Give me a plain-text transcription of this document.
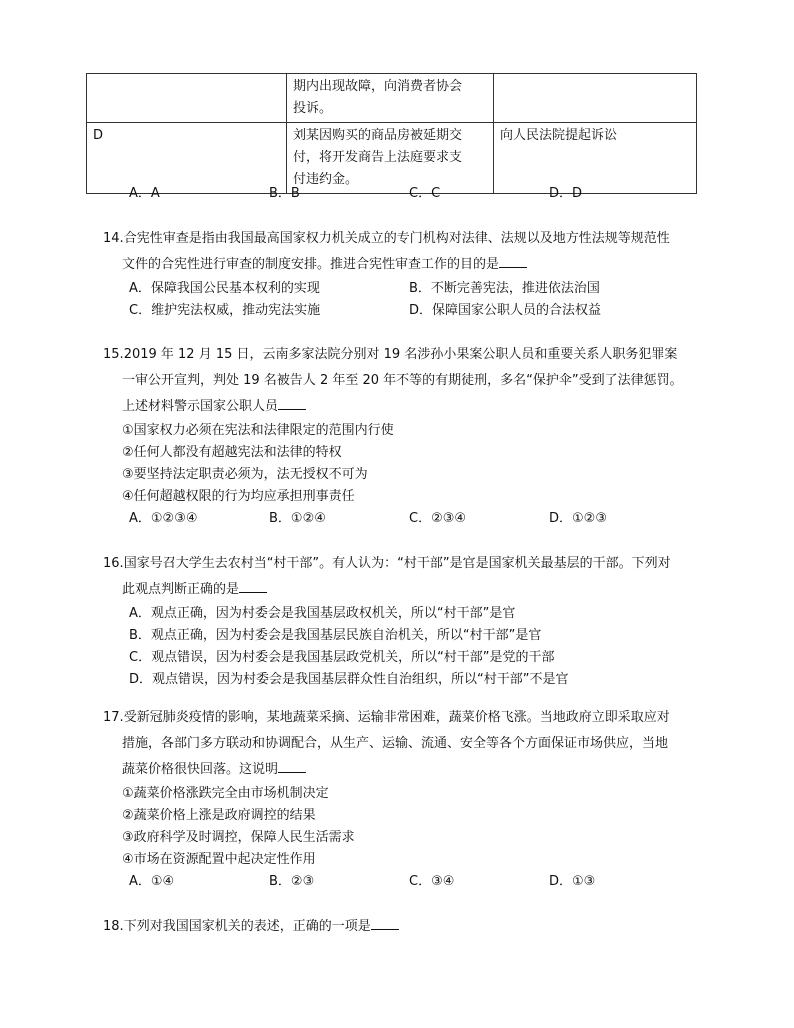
	期内出现故障，向消费者协会
投诉。	

D	刘某因购买的商品房被延期交
付，将开发商告上法庭要求支
付违约金。	向人民法院提起诉讼
A．A	B．B	C．C	D．D
14.合宪性审查是指由我国最高国家权力机关成立的专门机构对法律、法规以及地方性法规等规范性
文件的合宪性进行审查的制度安排。推进合宪性审查工作的目的是
A．保障我国公民基本权利的实现	B．不断完善宪法，推进依法治国
C．维护宪法权威，推动宪法实施	D．保障国家公职人员的合法权益
15.2019 年 12 月 15 日，云南多家法院分别对 19 名涉孙小果案公职人员和重要关系人职务犯罪案
一审公开宣判，判处 19 名被告人 2 年至 20 年不等的有期徒刑，多名“保护伞”受到了法律惩罚。
上述材料警示国家公职人员
①国家权力必须在宪法和法律限定的范围内行使
②任何人都没有超越宪法和法律的特权
③要坚持法定职责必须为，法无授权不可为
④任何超越权限的行为均应承担刑事责任
A．①②③④	B．①②④	C．②③④	D．①②③
16.国家号召大学生去农村当“村干部”。有人认为：“村干部”是官是国家机关最基层的干部。下列对
此观点判断正确的是
A．观点正确，因为村委会是我国基层政权机关，所以“村干部”是官
B．观点正确，因为村委会是我国基层民族自治机关，所以“村干部”是官
C．观点错误，因为村委会是我国基层政党机关，所以“村干部”是党的干部
D．观点错误，因为村委会是我国基层群众性自治组织，所以“村干部”不是官
17.受新冠肺炎疫情的影响，某地蔬菜采摘、运输非常困难，蔬菜价格飞涨。当地政府立即采取应对
措施，各部门多方联动和协调配合，从生产、运输、流通、安全等各个方面保证市场供应，当地
蔬菜价格很快回落。这说明
①蔬菜价格涨跌完全由市场机制决定
②蔬菜价格上涨是政府调控的结果
③政府科学及时调控，保障人民生活需求
④市场在资源配置中起决定性作用
A．①④	B．②③	C．③④	D．①③
18.下列对我国国家机关的表述，正确的一项是
